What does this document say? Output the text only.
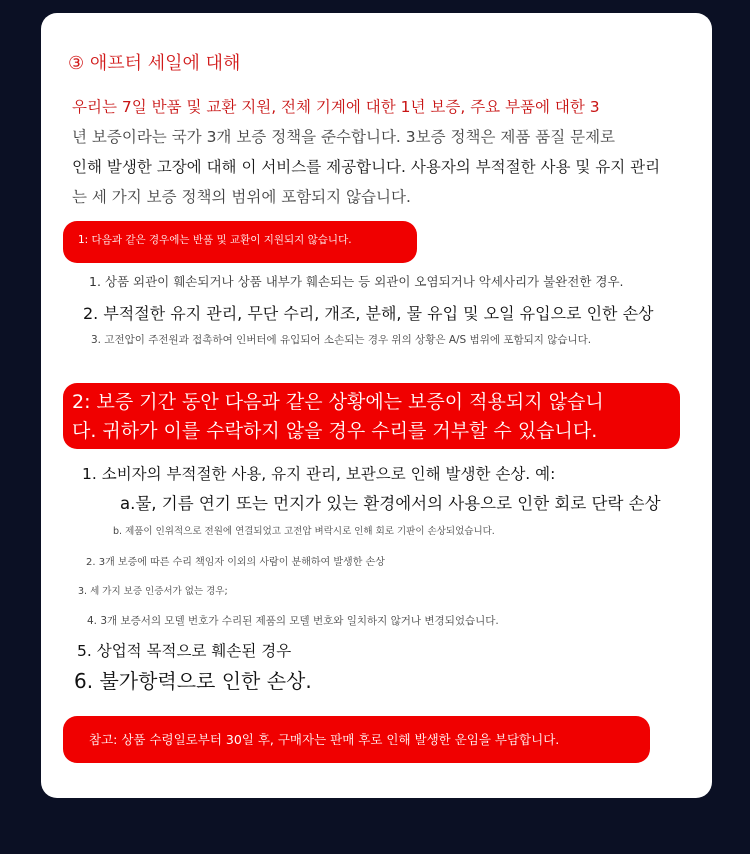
③ 애프터 세일에 대해
우리는 7일 반품 및 교환 지원, 전체 기계에 대한 1년 보증, 주요 부품에 대한 3
년 보증이라는 국가 3개 보증 정책을 준수합니다. 3보증 정책은 제품 품질 문제로
인해 발생한 고장에 대해 이 서비스를 제공합니다. 사용자의 부적절한 사용 및 유지 관리
는 세 가지 보증 정책의 범위에 포함되지 않습니다.
1: 다음과 같은 경우에는 반품 및 교환이 지원되지 않습니다.
1. 상품 외관이 훼손되거나 상품 내부가 훼손되는 등 외관이 오염되거나 악세사리가 불완전한 경우.
2. 부적절한 유지 관리, 무단 수리, 개조, 분해, 물 유입 및 오일 유입으로 인한 손상
3. 고전압이 주전원과 접촉하여 인버터에 유입되어 소손되는 경우 위의 상황은 A/S 범위에 포함되지 않습니다.
2: 보증 기간 동안 다음과 같은 상황에는 보증이 적용되지 않습니
다. 귀하가 이를 수락하지 않을 경우 수리를 거부할 수 있습니다.
1. 소비자의 부적절한 사용, 유지 관리, 보관으로 인해 발생한 손상. 예:
a.물, 기름 연기 또는 먼지가 있는 환경에서의 사용으로 인한 회로 단락 손상
b. 제품이 인위적으로 전원에 연결되었고 고전압 벼락시로 인해 회로 기판이 손상되었습니다.
2. 3개 보증에 따른 수리 책임자 이외의 사람이 분해하여 발생한 손상
3. 세 가지 보증 인증서가 없는 경우;
4. 3개 보증서의 모델 번호가 수리된 제품의 모델 번호와 일치하지 않거나 변경되었습니다.
5. 상업적 목적으로 훼손된 경우
6. 불가항력으로 인한 손상.
참고: 상품 수령일로부터 30일 후, 구매자는 판매 후로 인해 발생한 운임을 부담합니다.
